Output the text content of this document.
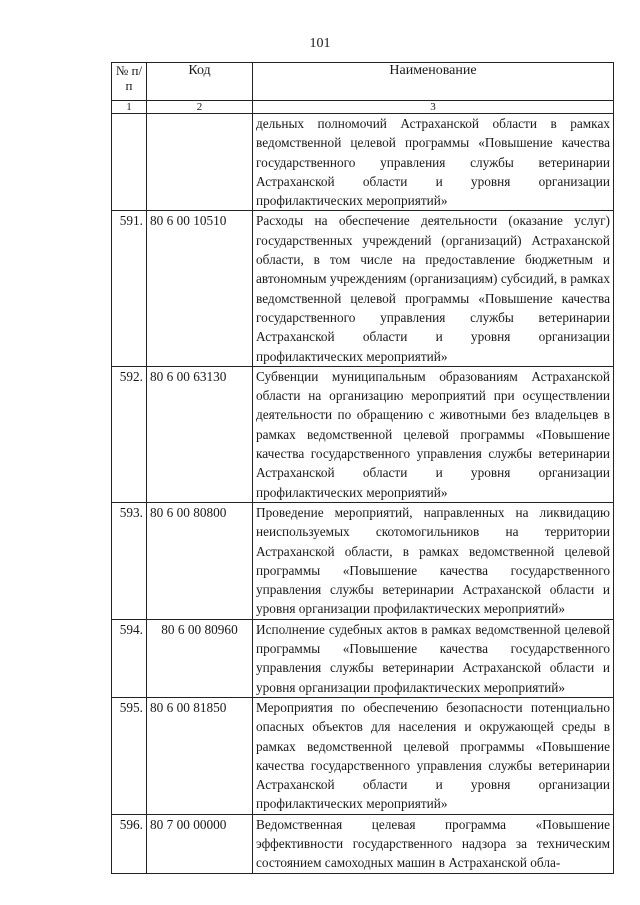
101
№ п/п	Код	Наименование
1	2	3
		дельных полномочий Астраханской области в рамках ведомственной целевой программы «Повышение качества государственного управления службы ветеринарии Астраханской области и уровня организации профилактических мероприятий»
591.	80 6 00 10510	Расходы на обеспечение деятельности (оказание услуг) государственных учреждений (организаций) Астраханской области, в том числе на предоставление бюджетным и автономным учреждениям (организациям) субсидий, в рамках ведомственной целевой программы «Повышение качества государственного управления службы ветеринарии Астраханской области и уровня организации профилактических мероприятий»
592.	80 6 00 63130	Субвенции муниципальным образованиям Астраханской области на организацию мероприятий при осуществлении деятельности по обращению с животными без владельцев в рамках ведомственной целевой программы «Повышение качества государственного управления службы ветеринарии Астраханской области и уровня организации профилактических мероприятий»
593.	80 6 00 80800	Проведение мероприятий, направленных на ликвидацию неиспользуемых скотомогильников на территории Астраханской области, в рамках ведомственной целевой программы «Повышение качества государственного управления службы ветеринарии Астраханской области и уровня организации профилактических мероприятий»
594.	80 6 00 80960	Исполнение судебных актов в рамках ведомственной целевой программы «Повышение качества государственного управления службы ветеринарии Астраханской области и уровня организации профилактических мероприятий»
595.	80 6 00 81850	Мероприятия по обеспечению безопасности потенциально опасных объектов для населения и окружающей среды в рамках ведомственной целевой программы «Повышение качества государственного управления службы ветеринарии Астраханской области и уровня организации профилактических мероприятий»
596.	80 7 00 00000	Ведомственная целевая программа «Повышение эффективности государственного надзора за техническим состоянием самоходных машин в Астраханской обла-
